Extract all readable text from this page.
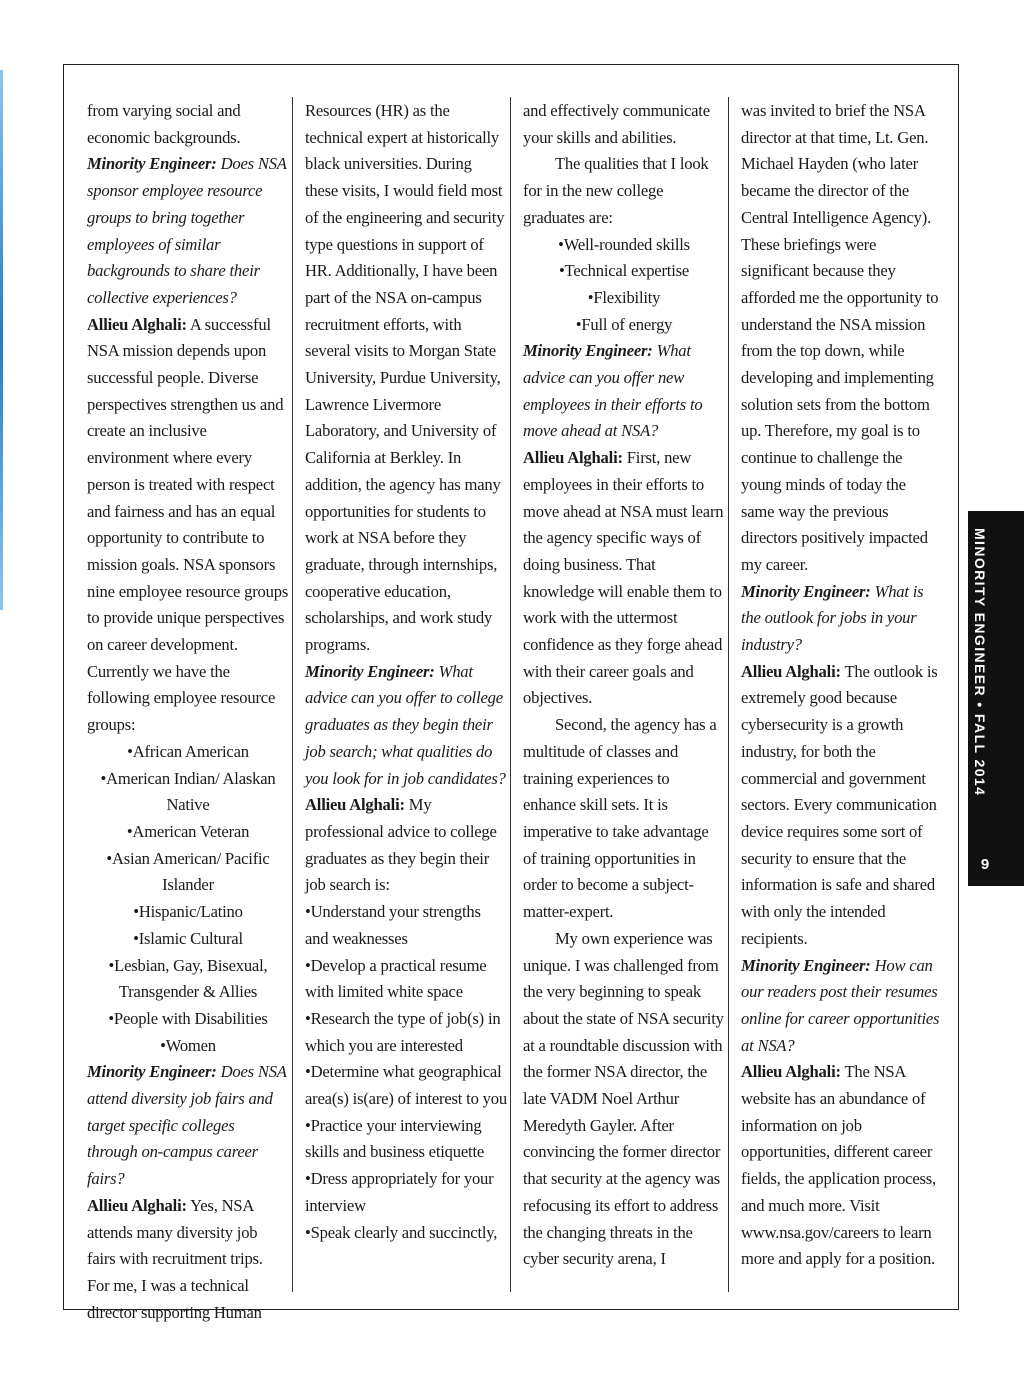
from varying social and economic backgrounds.

Minority Engineer: Does NSA sponsor employee resource groups to bring together employees of similar backgrounds to share their collective experiences?

Allieu Alghali: A successful NSA mission depends upon successful people. Diverse perspectives strengthen us and create an inclusive environment where every person is treated with respect and fairness and has an equal opportunity to contribute to mission goals. NSA sponsors nine employee resource groups to provide unique perspectives on career development. Currently we have the following employee resource groups:

•African American

•American Indian/ Alaskan Native

•American Veteran

•Asian American/ Pacific Islander

•Hispanic/Latino

•Islamic Cultural

•Lesbian, Gay, Bisexual, Transgender & Allies

•People with Disabilities

•Women

Minority Engineer: Does NSA attend diversity job fairs and target specific colleges through on-campus career fairs?

Allieu Alghali: Yes, NSA attends many diversity job fairs with recruitment trips. For me, I was a technical director supporting Human

Resources (HR) as the technical expert at historically black universities. During these visits, I would field most of the engineering and security type questions in support of HR. Additionally, I have been part of the NSA on-campus recruitment efforts, with several visits to Morgan State University, Purdue University, Lawrence Livermore Laboratory, and University of California at Berkley. In addition, the agency has many opportunities for students to work at NSA before they graduate, through internships, cooperative education, scholarships, and work study programs.

Minority Engineer: What advice can you offer to college graduates as they begin their job search; what qualities do you look for in job candidates?

Allieu Alghali: My professional advice to college graduates as they begin their job search is:

•Understand your strengths and weaknesses

•Develop a practical resume with limited white space

•Research the type of job(s) in which you are interested

•Determine what geographical area(s) is(are) of interest to you

•Practice your interviewing skills and business etiquette

•Dress appropriately for your interview

•Speak clearly and succinctly,

and effectively communicate your skills and abilities.

The qualities that I look for in the new college graduates are:

•Well-rounded skills

•Technical expertise

•Flexibility

•Full of energy

Minority Engineer: What advice can you offer new employees in their efforts to move ahead at NSA?

Allieu Alghali: First, new employees in their efforts to move ahead at NSA must learn the agency specific ways of doing business. That knowledge will enable them to work with the uttermost confidence as they forge ahead with their career goals and objectives.

Second, the agency has a multitude of classes and training experiences to enhance skill sets. It is imperative to take advantage of training opportunities in order to become a subject-matter-expert.

My own experience was unique. I was challenged from the very beginning to speak about the state of NSA security at a roundtable discussion with the former NSA director, the late VADM Noel Arthur Meredyth Gayler. After convincing the former director that security at the agency was refocusing its effort to address the changing threats in the cyber security arena, I

was invited to brief the NSA director at that time, Lt. Gen. Michael Hayden (who later became the director of the Central Intelligence Agency). These briefings were significant because they afforded me the opportunity to understand the NSA mission from the top down, while developing and implementing solution sets from the bottom up. Therefore, my goal is to continue to challenge the young minds of today the same way the previous directors positively impacted my career.

Minority Engineer: What is the outlook for jobs in your industry?

Allieu Alghali: The outlook is extremely good because cybersecurity is a growth industry, for both the commercial and government sectors. Every communication device requires some sort of security to ensure that the information is safe and shared with only the intended recipients.

Minority Engineer: How can our readers post their resumes online for career opportunities at NSA?

Allieu Alghali: The NSA website has an abundance of information on job opportunities, different career fields, the application process, and much more. Visit www.nsa.gov/careers to learn more and apply for a position.

MINORITY ENGINEER • FALL 2014
9
